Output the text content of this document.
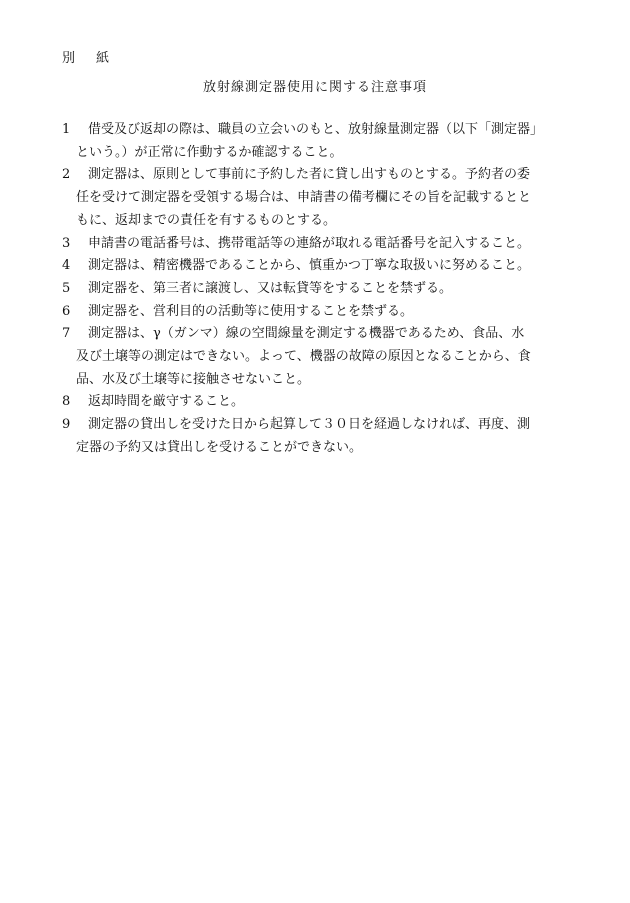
別　紙
放射線測定器使用に関する注意事項
1	借受及び返却の際は、職員の立会いのもと、放射線量測定器（以下「測定器」
という。）が正常に作動するか確認すること。
2	測定器は、原則として事前に予約した者に貸し出すものとする。予約者の委
任を受けて測定器を受領する場合は、申請書の備考欄にその旨を記載するとと
もに、返却までの責任を有するものとする。
3	申請書の電話番号は、携帯電話等の連絡が取れる電話番号を記入すること。
4	測定器は、精密機器であることから、慎重かつ丁寧な取扱いに努めること。
5	測定器を、第三者に譲渡し、又は転貸等をすることを禁ずる。
6	測定器を、営利目的の活動等に使用することを禁ずる。
7	測定器は、γ（ガンマ）線の空間線量を測定する機器であるため、食品、水
及び土壌等の測定はできない。よって、機器の故障の原因となることから、食
品、水及び土壌等に接触させないこと。
8	返却時間を厳守すること。
9	測定器の貸出しを受けた日から起算して３０日を経過しなければ、再度、測
定器の予約又は貸出しを受けることができない。
